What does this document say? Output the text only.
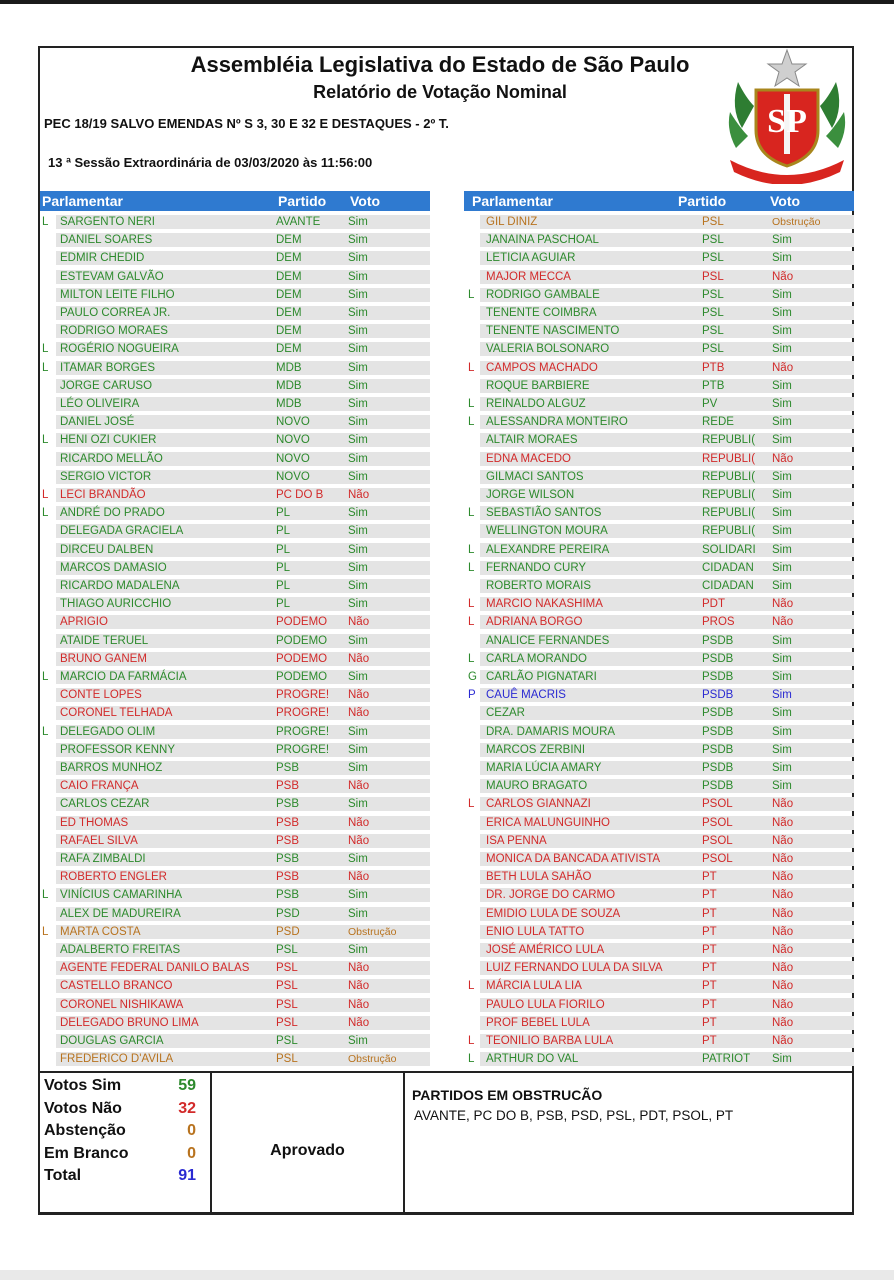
Assembléia Legislativa do Estado de São Paulo
Relatório de Votação Nominal
PEC 18/19 SALVO EMENDAS Nº S 3, 30 E 32 E DESTAQUES - 2º T.
13 ª Sessão Extraordinária de 03/03/2020 às 11:56:00
SP
Parlamentar	Partido Voto	Parlamentar	Partido	Voto
L SARGENTO NERI	AVANTE Sim
DANIEL SOARES	DEM	Sim
EDMIR CHEDID	DEM	Sim
ESTEVAM GALVÃO	DEM	Sim
MILTON LEITE FILHO	DEM	Sim
PAULO CORREA JR.	DEM	Sim
RODRIGO MORAES	DEM	Sim
L ROGÉRIO NOGUEIRA	DEM	Sim
L ITAMAR BORGES	MDB	Sim
JORGE CARUSO	MDB	Sim
LÉO OLIVEIRA	MDB	Sim
DANIEL JOSÉ	NOVO	Sim
L HENI OZI CUKIER	NOVO	Sim
RICARDO MELLÃO	NOVO	Sim
SERGIO VICTOR	NOVO	Sim
L LECI BRANDÃO	PC DO B Não
L ANDRÉ DO PRADO	PL	Sim
DELEGADA GRACIELA	PL	Sim
DIRCEU DALBEN	PL	Sim
MARCOS DAMASIO	PL	Sim
RICARDO MADALENA	PL	Sim
THIAGO AURICCHIO	PL	Sim
APRIGIO	PODEMO Não
ATAIDE TERUEL	PODEMO Sim
BRUNO GANEM	PODEMO Não
L MARCIO DA FARMÁCIA	PODEMO Sim
CONTE LOPES	PROGRE! Não
CORONEL TELHADA	PROGRE! Não
L DELEGADO OLIM	PROGRE! Sim
PROFESSOR KENNY	PROGRE! Sim
BARROS MUNHOZ	PSB	Sim
CAIO FRANÇA	PSB	Não
CARLOS CEZAR	PSB	Sim
ED THOMAS	PSB	Não
RAFAEL SILVA	PSB	Não
RAFA ZIMBALDI	PSB	Sim
ROBERTO ENGLER	PSB	Não
L VINÍCIUS CAMARINHA	PSB	Sim
ALEX DE MADUREIRA	PSD	Sim
L MARTA COSTA	PSD	Obstrução
ADALBERTO FREITAS	PSL	Sim
AGENTE FEDERAL DANILO BALAS PSL	Não
CASTELLO BRANCO	PSL	Não
CORONEL NISHIKAWA	PSL	Não
DELEGADO BRUNO LIMA	PSL	Não
DOUGLAS GARCIA	PSL	Sim
FREDERICO D'AVILA	PSL	Obstrução
GIL DINIZ	PSL	Obstrução
JANAINA PASCHOAL	PSL	Sim
LETICIA AGUIAR	PSL	Sim
MAJOR MECCA	PSL	Não
L RODRIGO GAMBALE	PSL	Sim
TENENTE COIMBRA	PSL	Sim
TENENTE NASCIMENTO	PSL	Sim
VALERIA BOLSONARO	PSL	Sim
L CAMPOS MACHADO	PTB	Não
ROQUE BARBIERE	PTB	Sim
L REINALDO ALGUZ	PV	Sim
L ALESSANDRA MONTEIRO	REDE	Sim
ALTAIR MORAES	REPUBLI( Sim
EDNA MACEDO	REPUBLI( Não
GILMACI SANTOS	REPUBLI( Sim
JORGE WILSON	REPUBLI( Sim
L SEBASTIÃO SANTOS	REPUBLI( Sim
WELLINGTON MOURA	REPUBLI( Sim
L ALEXANDRE PEREIRA	SOLIDARI Sim
L FERNANDO CURY	CIDADAN Sim
ROBERTO MORAIS	CIDADAN Sim
L MARCIO NAKASHIMA	PDT	Não
L ADRIANA BORGO	PROS	Não
ANALICE FERNANDES	PSDB	Sim
L CARLA MORANDO	PSDB	Sim
G CARLÃO PIGNATARI	PSDB	Sim
P CAUÊ MACRIS	PSDB	Sim
CEZAR	PSDB	Sim
DRA. DAMARIS MOURA	PSDB	Sim
MARCOS ZERBINI	PSDB	Sim
MARIA LÚCIA AMARY	PSDB	Sim
MAURO BRAGATO	PSDB	Sim
L CARLOS GIANNAZI	PSOL	Não
ERICA MALUNGUINHO	PSOL	Não
ISA PENNA	PSOL	Não
MONICA DA BANCADA ATIVISTA	PSOL	Não
BETH LULA SAHÃO	PT	Não
DR. JORGE DO CARMO	PT	Não
EMIDIO LULA DE SOUZA	PT	Não
ENIO LULA TATTO	PT	Não
JOSÉ AMÉRICO LULA	PT	Não
LUIZ FERNANDO LULA DA SILVA	PT	Não
L MÁRCIA LULA LIA	PT	Não
PAULO LULA FIORILO	PT	Não
PROF BEBEL LULA	PT	Não
L TEONILIO BARBA LULA	PT	Não
L ARTHUR DO VAL	PATRIOT Sim
Votos Sim	59
Votos Não	32
Abstenção	0
Em Branco	0
Total	91
Aprovado
PARTIDOS EM OBSTRUCÃO
AVANTE, PC DO B, PSB, PSD, PSL, PDT, PSOL, PT
